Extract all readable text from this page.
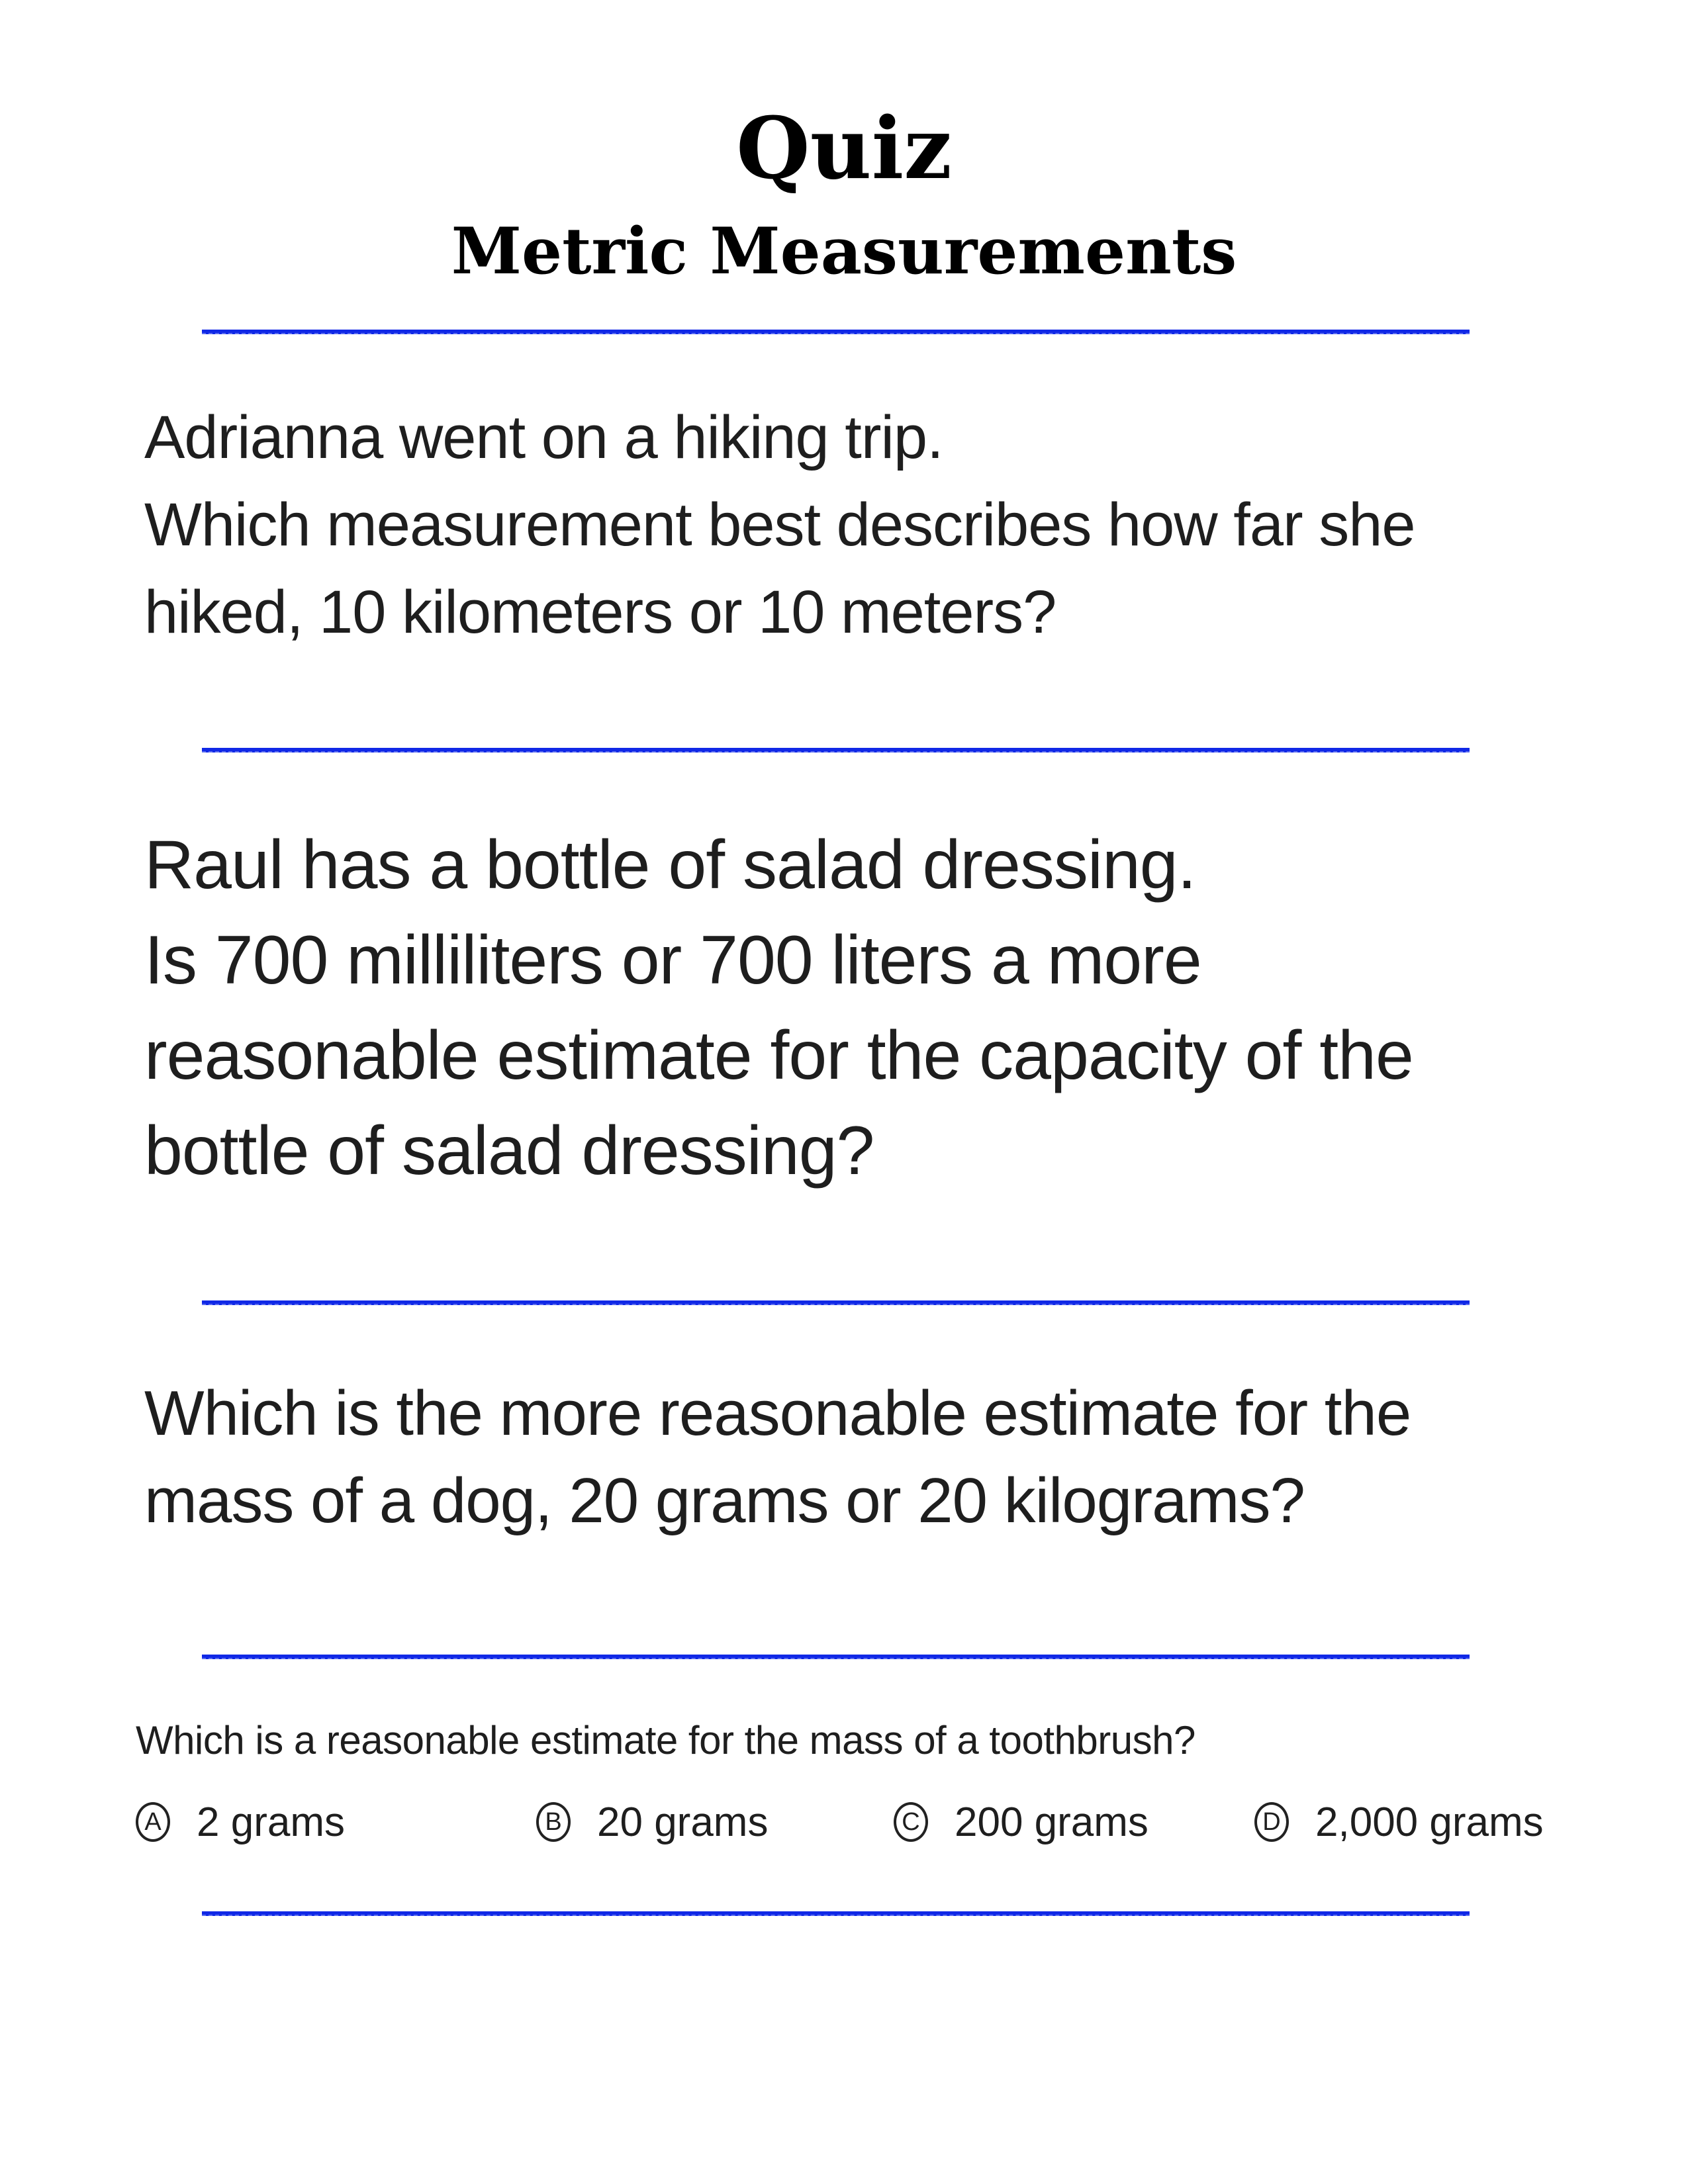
Quiz
Metric Measurements
Adrianna went on a hiking trip.
Which measurement best describes how far she
hiked, 10 kilometers or 10 meters?
Raul has a bottle of salad dressing.
Is 700 milliliters or 700 liters a more
reasonable estimate for the capacity of the
bottle of salad dressing?
Which is the more reasonable estimate for the
mass of a dog, 20 grams or 20 kilograms?
Which is a reasonable estimate for the mass of a toothbrush?
A 2 grams	B 20 grams	C 200 grams	D 2,000 grams
